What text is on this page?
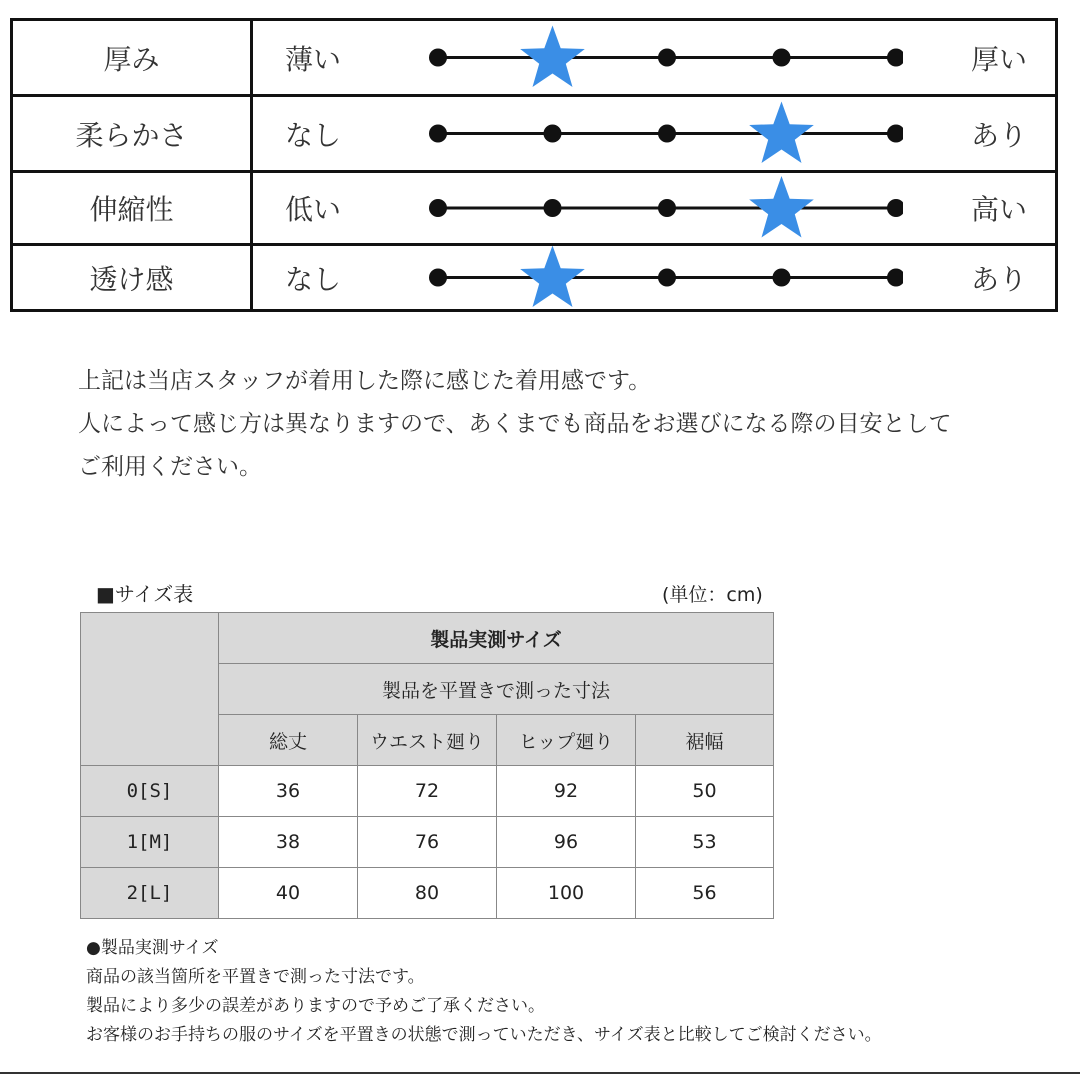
厚み	薄い	厚い
柔らかさ	なし	あり
伸縮性	低い	高い
透け感	なし	あり

上記は当店スタッフが着用した際に感じた着用感です。

人によって感じ方は異なりますので、あくまでも商品をお選びになる際の目安として

ご利用ください。

■サイズ表	(単位：cm)
	製品実測サイズ			
	製品を平置きで測った寸法			
	総丈	ウエスト廻り	ヒップ廻り	裾幅
0[S]	36	72	92	50
1[M]	38	76	96	53
2[L]	40	80	100	56

●製品実測サイズ

商品の該当箇所を平置きで測った寸法です。

製品により多少の誤差がありますので予めご了承ください。

お客様のお手持ちの服のサイズを平置きの状態で測っていただき、サイズ表と比較してご検討ください。
